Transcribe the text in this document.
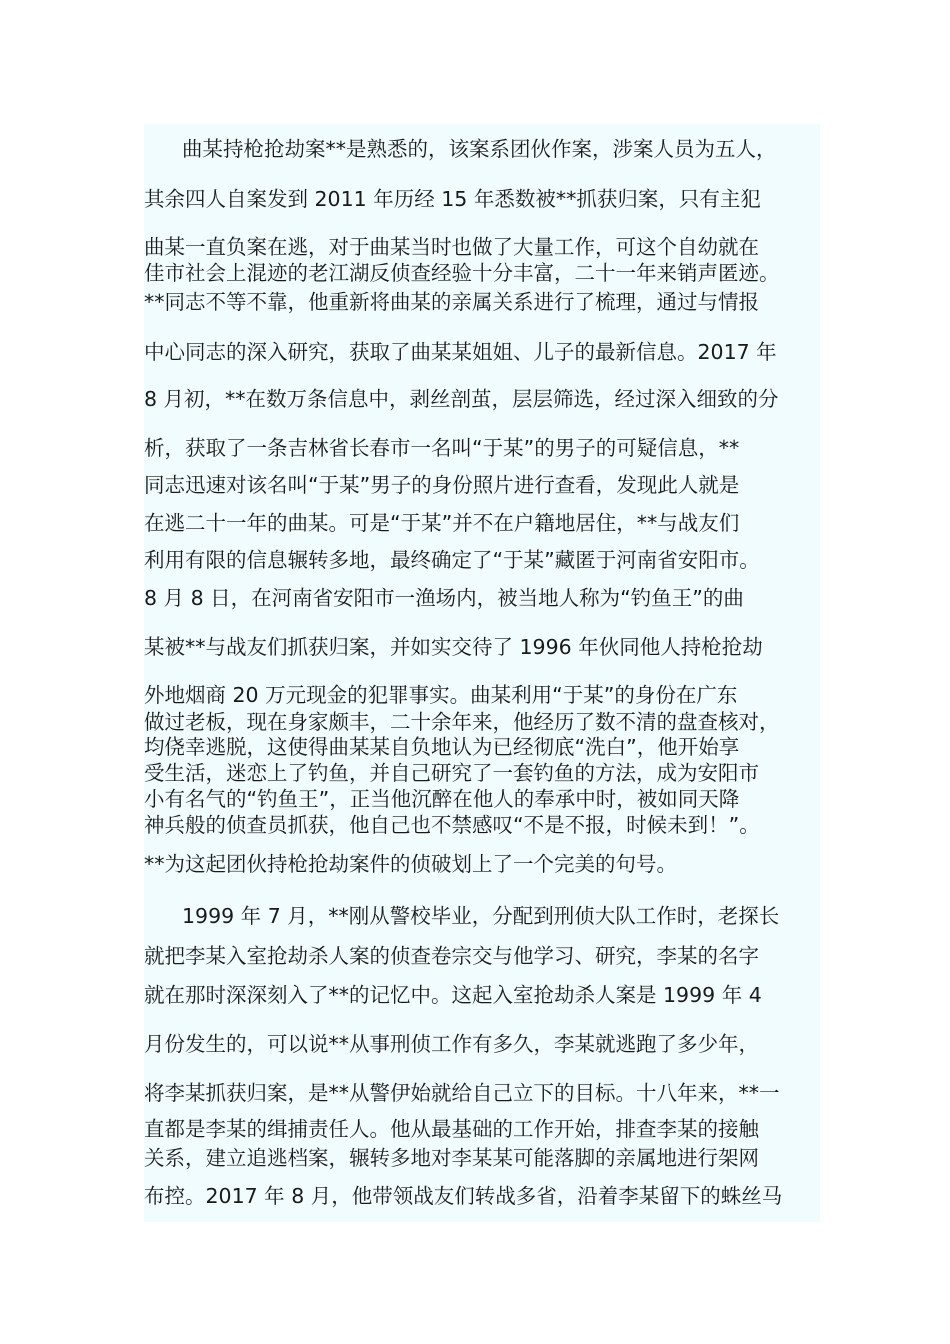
曲某持枪抢劫案**是熟悉的，该案系团伙作案，涉案人员为五人，
其余四人自案发到 2011 年历经 15 年悉数被**抓获归案，只有主犯
曲某一直负案在逃，对于曲某当时也做了大量工作，可这个自幼就在
佳市社会上混迹的老江湖反侦查经验十分丰富，二十一年来销声匿迹。
**同志不等不靠，他重新将曲某的亲属关系进行了梳理，通过与情报
中心同志的深入研究，获取了曲某某姐姐、儿子的最新信息。2017 年
8 月初，**在数万条信息中，剥丝剖茧，层层筛选，经过深入细致的分
析，获取了一条吉林省长春市一名叫“于某”的男子的可疑信息，**
同志迅速对该名叫“于某”男子的身份照片进行查看，发现此人就是
在逃二十一年的曲某。可是“于某”并不在户籍地居住，**与战友们
利用有限的信息辗转多地，最终确定了“于某”藏匿于河南省安阳市。
8 月 8 日，在河南省安阳市一渔场内，被当地人称为“钓鱼王”的曲
某被**与战友们抓获归案，并如实交待了 1996 年伙同他人持枪抢劫
外地烟商 20 万元现金的犯罪事实。曲某利用“于某”的身份在广东
做过老板，现在身家颇丰，二十余年来，他经历了数不清的盘查核对，
均侥幸逃脱，这使得曲某某自负地认为已经彻底“洗白”，他开始享
受生活，迷恋上了钓鱼，并自己研究了一套钓鱼的方法，成为安阳市
小有名气的“钓鱼王”，正当他沉醉在他人的奉承中时，被如同天降
神兵般的侦查员抓获，他自己也不禁感叹“不是不报，时候未到！”。
**为这起团伙持枪抢劫案件的侦破划上了一个完美的句号。
1999 年 7 月，**刚从警校毕业，分配到刑侦大队工作时，老探长
就把李某入室抢劫杀人案的侦查卷宗交与他学习、研究，李某的名字
就在那时深深刻入了**的记忆中。这起入室抢劫杀人案是 1999 年 4
月份发生的，可以说**从事刑侦工作有多久，李某就逃跑了多少年，
将李某抓获归案，是**从警伊始就给自己立下的目标。十八年来，**一
直都是李某的缉捕责任人。他从最基础的工作开始，排查李某的接触
关系，建立追逃档案，辗转多地对李某某可能落脚的亲属地进行架网
布控。2017 年 8 月，他带领战友们转战多省，沿着李某留下的蛛丝马
